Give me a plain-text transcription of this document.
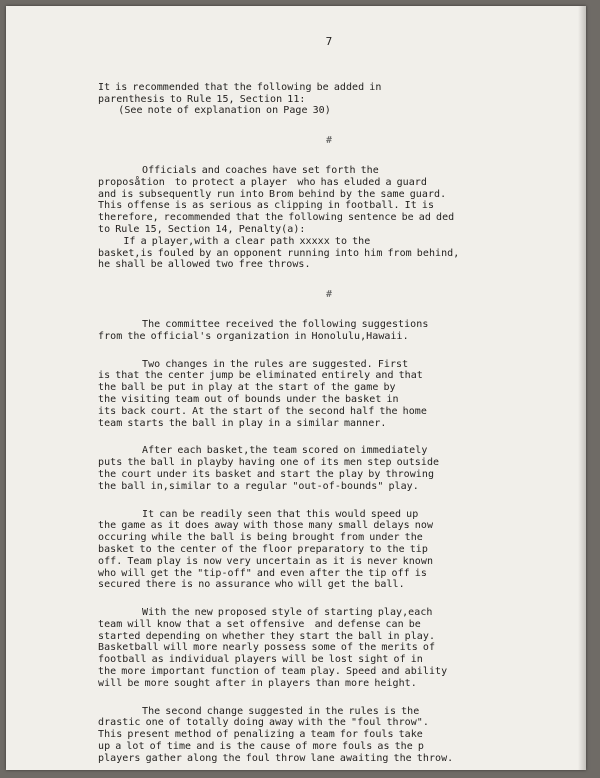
7
It is recommended that the following be added in
parenthesis to Rule 15, Section 11:
(See note of explanation on Page 30)
#
Officials and coaches have set forth the
proposåtion  to protect a player  who has eluded a guard
and is subsequently run into Brom behind by the same guard.
This offense is as serious as clipping in football. It is
therefore, recommended that the following sentence be ad ded
to Rule 15, Section 14, Penalty(a):
If a player,with a clear path xxxxx to the
basket,is fouled by an opponent running into him from behind,
he shall be allowed two free throws.
#
The committee received the following suggestions
from the official's organization in Honolulu,Hawaii.
Two changes in the rules are suggested. First
is that the center jump be eliminated entirely and that
the ball be put in play at the start of the game by
the visiting team out of bounds under the basket in
its back court. At the start of the second half the home
team starts the ball in play in a similar manner.
After each basket,the team scored on immediately
puts the ball in playby having one of its men step outside
the court under its basket and start the play by throwing
the ball in,similar to a regular "out-of-bounds" play.
It can be readily seen that this would speed up
the game as it does away with those many small delays now
occuring while the ball is being brought from under the
basket to the center of the floor preparatory to the tip
off. Team play is now very uncertain as it is never known
who will get the "tip-off" and even after the tip off is
secured there is no assurance who will get the ball.
With the new proposed style of starting play,each
team will know that a set offensive  and defense can be
started depending on whether they start the ball in play.
Basketball will more nearly possess some of the merits of
football as individual players will be lost sight of in
the more important function of team play. Speed and ability
will be more sought after in players than more height.
The second change suggested in the rules is the
drastic one of totally doing away with the "foul throw".
This present method of penalizing a team for fouls take
up a lot of time and is the cause of more fouls as the p
players gather along the foul throw lane awaiting the throw.
